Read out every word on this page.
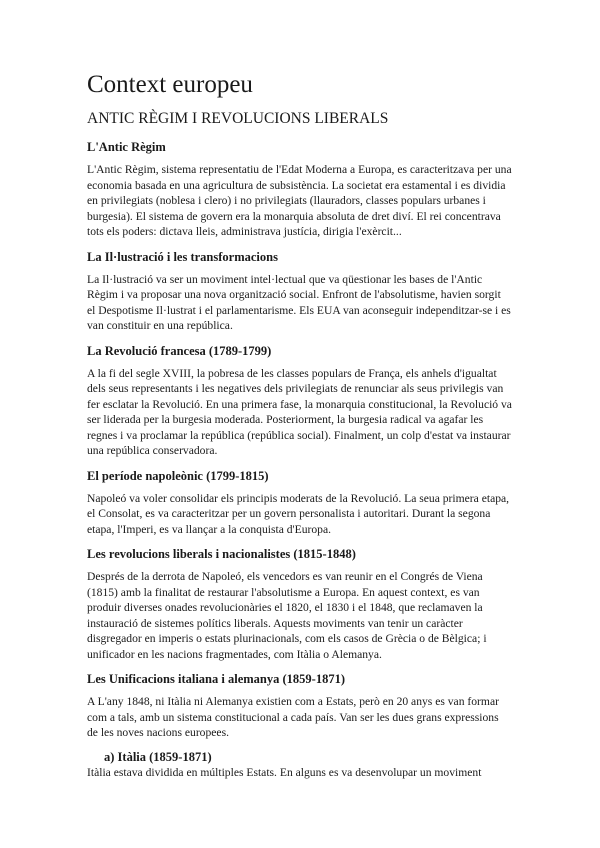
Context europeu
ANTIC RÈGIM I REVOLUCIONS LIBERALS
L'Antic Règim

L'Antic Règim, sistema representatiu de l'Edat Moderna a Europa, es caracteritzava per una economia basada en una agricultura de subsistència. La societat era estamental i es dividia en privilegiats (noblesa i clero) i no privilegiats (llauradors, classes populars urbanes i burgesia). El sistema de govern era la monarquia absoluta de dret diví. El rei concentrava tots els poders: dictava lleis, administrava justícia, dirigia l'exèrcit...

La Il·lustració i les transformacions

La Il·lustració va ser un moviment intel·lectual que va qüestionar les bases de l'Antic Règim i va proposar una nova organització social. Enfront de l'absolutisme, havien sorgit el Despotisme Il·lustrat i el parlamentarisme. Els EUA van aconseguir independitzar-se i es van constituir en una república.

La Revolució francesa (1789-1799)

A la fi del segle XVIII, la pobresa de les classes populars de França, els anhels d'igualtat dels seus representants i les negatives dels privilegiats de renunciar als seus privilegis van fer esclatar la Revolució. En una primera fase, la monarquia constitucional, la Revolució va ser liderada per la burgesia moderada. Posteriorment, la burgesia radical va agafar les regnes i va proclamar la república (república social). Finalment, un colp d'estat va instaurar una república conservadora.

El període napoleònic (1799-1815)

Napoleó va voler consolidar els principis moderats de la Revolució. La seua primera etapa, el Consolat, es va caracteritzar per un govern personalista i autoritari. Durant la segona etapa, l'Imperi, es va llançar a la conquista d'Europa.

Les revolucions liberals i nacionalistes (1815-1848)

Després de la derrota de Napoleó, els vencedors es van reunir en el Congrés de Viena (1815) amb la finalitat de restaurar l'absolutisme a Europa. En aquest context, es van produir diverses onades revolucionàries el 1820, el 1830 i el 1848, que reclamaven la instauració de sistemes polítics liberals. Aquests moviments van tenir un caràcter disgregador en imperis o estats plurinacionals, com els casos de Grècia o de Bèlgica; i unificador en les nacions fragmentades, com Itàlia o Alemanya.

Les Unificacions italiana i alemanya (1859-1871)

A L'any 1848, ni Itàlia ni Alemanya existien com a Estats, però en 20 anys es van formar com a tals, amb un sistema constitucional a cada país. Van ser les dues grans expressions de les noves nacions europees.

a) Itàlia (1859-1871)

Itàlia estava dividida en múltiples Estats. En alguns es va desenvolupar un moviment
